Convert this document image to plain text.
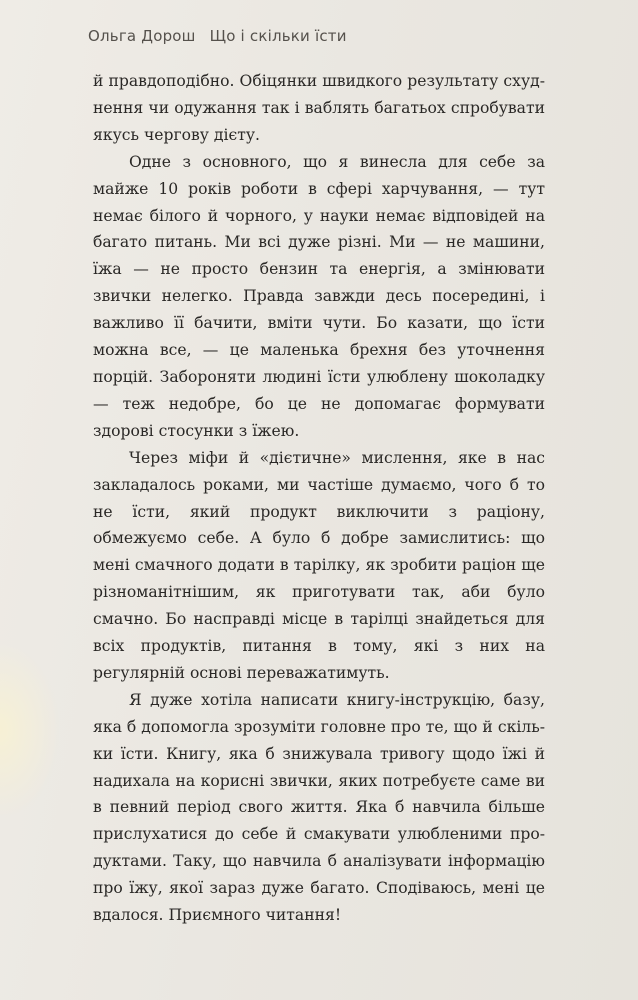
Ольга Дорош Що і скільки їсти

й правдоподібно. Обіцянки швидкого результату схуднення чи одужання так і ваблять багатьох спробувати якусь чергову дієту.

Одне з основного, що я винесла для себе за майже 10 років роботи в сфері харчування, — тут немає білого й чорного, у науки немає відповідей на багато питань. Ми всі дуже різні. Ми — не машини, їжа — не просто бензин та енергія, а змінювати звички нелегко. Правда завжди десь посередині, і важливо її бачити, вміти чути. Бо казати, що їсти можна все, — це маленька брехня без уточнення порцій. Забороняти людині їсти улюблену шоколадку — теж недобре, бо це не допомагає формувати здорові стосунки з їжею.

Через міфи й «дієтичне» мислення, яке в нас закладалось роками, ми частіше думаємо, чого б то не їсти, який продукт виключити з раціону, обмежуємо себе. А було б добре замислитись: що мені смачного додати в тарілку, як зробити раціон ще різноманітнішим, як приготувати так, аби було смачно. Бо насправді місце в тарілці знайдеться для всіх продуктів, питання в тому, які з них на регулярній основі переважатимуть.

Я дуже хотіла написати книгу-інструкцію, базу, яка б допомогла зрозуміти головне про те, що й скільки їсти. Книгу, яка б знижувала тривогу щодо їжі й надихала на корисні звички, яких потребуєте саме ви в певний період свого життя. Яка б навчила більше прислухатися до себе й смакувати улюбленими продуктами. Таку, що навчила б аналізувати інформацію про їжу, якої зараз дуже багато. Сподіваюсь, мені це вдалося. Приємного читання!
